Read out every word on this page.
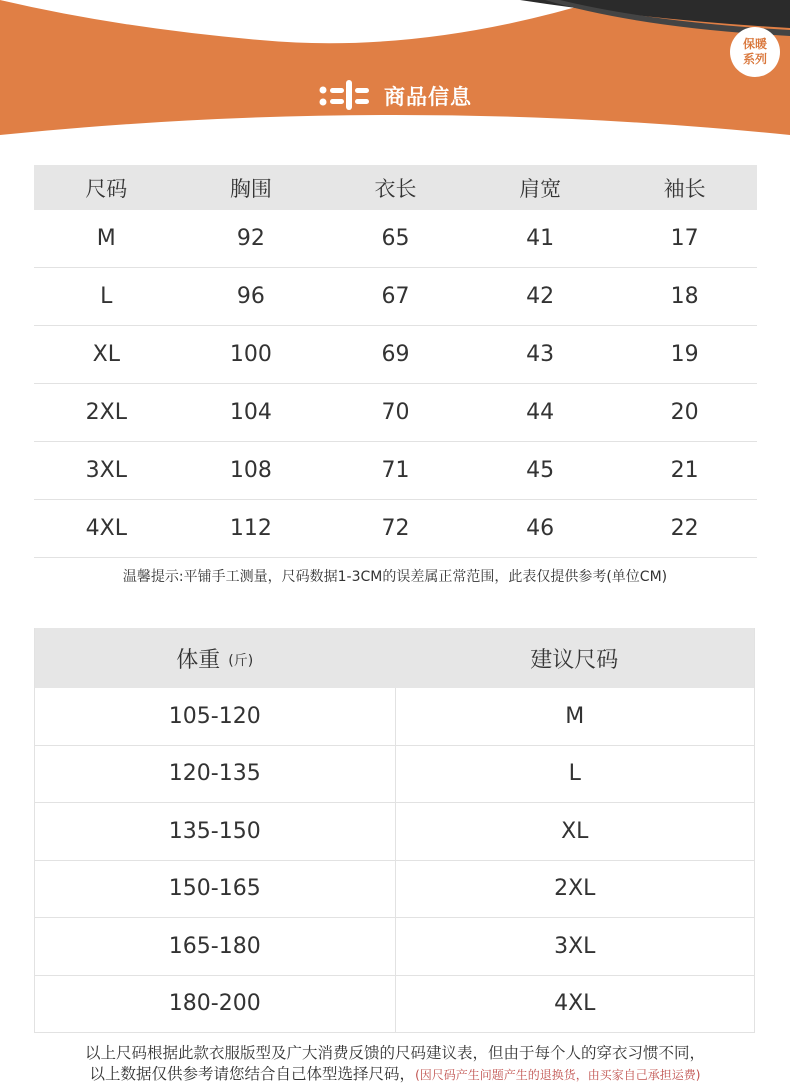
保暖
系列
商品信息
尺码	胸围	衣长	肩宽	袖长
M	92	65	41	17
L	96	67	42	18
XL	100	69	43	19
2XL	104	70	44	20
3XL	108	71	45	21
4XL	112	72	46	22
温馨提示:平铺手工测量，尺码数据1-3CM的误差属正常范围，此表仅提供参考(单位CM)
体重 (斤)	建议尺码
105-120	M
120-135	L
135-150	XL
150-165	2XL
165-180	3XL
180-200	4XL
以上尺码根据此款衣服版型及广大消费反馈的尺码建议表，但由于每个人的穿衣习惯不同，
以上数据仅供参考请您结合自己体型选择尺码，(因尺码产生问题产生的退换货，由买家自己承担运费)
